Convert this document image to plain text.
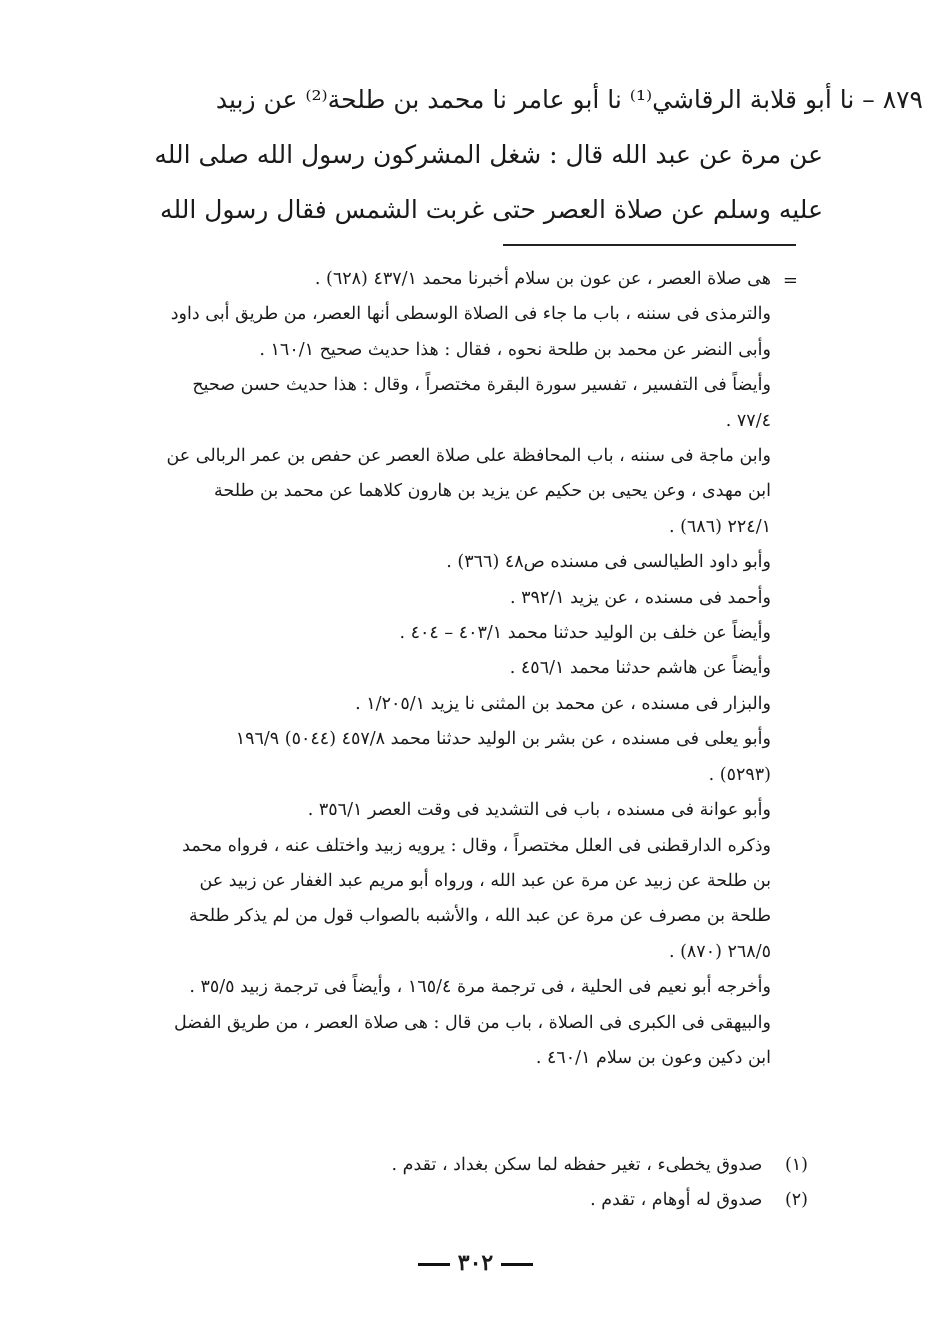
٨٧٩ – نا أبو قلابة الرقاشي⁽¹⁾ نا أبو عامر نا محمد بن طلحة⁽²⁾ عن زبيد
عن مرة عن عبد الله قال : شغل المشركون رسول الله صلى الله
عليه وسلم عن صلاة العصر حتى غربت الشمس فقال رسول الله
=
هى صلاة العصر ، عن عون بن سلام أخبرنا محمد ٤٣٧/١ (٦٢٨) .
والترمذى فى سننه ، باب ما جاء فى الصلاة الوسطى أنها العصر، من طريق أبى داود
وأبى النضر عن محمد بن طلحة نحوه ، فقال : هذا حديث صحيح ١٦٠/١ .
وأيضاً فى التفسير ، تفسير سورة البقرة مختصراً ، وقال : هذا حديث حسن صحيح
٧٧/٤ .
وابن ماجة فى سننه ، باب المحافظة على صلاة العصر عن حفص بن عمر الربالى عن
ابن مهدى ، وعن يحيى بن حكيم عن يزيد بن هارون كلاهما عن محمد بن طلحة
٢٢٤/١ (٦٨٦) .
وأبو داود الطيالسى فى مسنده ص٤٨ (٣٦٦) .
وأحمد فى مسنده ، عن يزيد ٣٩٢/١ .
وأيضاً عن خلف بن الوليد حدثنا محمد ٤٠٣/١ – ٤٠٤ .
وأيضاً عن هاشم حدثنا محمد ٤٥٦/١ .
والبزار فى مسنده ، عن محمد بن المثنى نا يزيد ١/٢٠٥/١ .
وأبو يعلى فى مسنده ، عن بشر بن الوليد حدثنا محمد ٤٥٧/٨ (٥٠٤٤) ١٩٦/٩
(٥٢٩٣) .
وأبو عوانة فى مسنده ، باب فى التشديد فى وقت العصر ٣٥٦/١ .
وذكره الدارقطنى فى العلل مختصراً ، وقال : يرويه زبيد واختلف عنه ، فرواه محمد
بن طلحة عن زبيد عن مرة عن عبد الله ، ورواه أبو مريم عبد الغفار عن زبيد عن
طلحة بن مصرف عن مرة عن عبد الله ، والأشبه بالصواب قول من لم يذكر طلحة
٢٦٨/٥ (٨٧٠) .
وأخرجه أبو نعيم فى الحلية ، فى ترجمة مرة ١٦٥/٤ ، وأيضاً فى ترجمة زبيد ٣٥/٥ .
والبيهقى فى الكبرى فى الصلاة ، باب من قال : هى صلاة العصر ، من طريق الفضل
ابن دكين وعون بن سلام ٤٦٠/١ .
(١) صدوق يخطىء ، تغير حفظه لما سكن بغداد ، تقدم .
(٢) صدوق له أوهام ، تقدم .
٣٠٢
